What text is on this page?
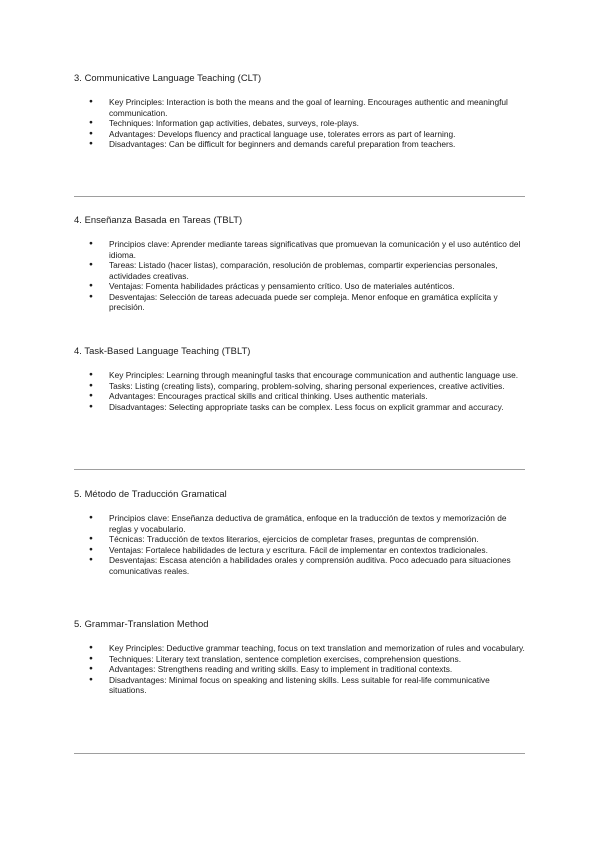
3. Communicative Language Teaching (CLT)
● Key Principles: Interaction is both the means and the goal of learning. Encourages authentic and meaningful communication.
● Techniques: Information gap activities, debates, surveys, role-plays.
● Advantages: Develops fluency and practical language use, tolerates errors as part of learning.
● Disadvantages: Can be difficult for beginners and demands careful preparation from teachers.
4. Enseñanza Basada en Tareas (TBLT)
● Principios clave: Aprender mediante tareas significativas que promuevan la comunicación y el uso auténtico del idioma.
● Tareas: Listado (hacer listas), comparación, resolución de problemas, compartir experiencias personales, actividades creativas.
● Ventajas: Fomenta habilidades prácticas y pensamiento crítico. Uso de materiales auténticos.
● Desventajas: Selección de tareas adecuada puede ser compleja. Menor enfoque en gramática explícita y precisión.
4. Task-Based Language Teaching (TBLT)
● Key Principles: Learning through meaningful tasks that encourage communication and authentic language use.
● Tasks: Listing (creating lists), comparing, problem-solving, sharing personal experiences, creative activities.
● Advantages: Encourages practical skills and critical thinking. Uses authentic materials.
● Disadvantages: Selecting appropriate tasks can be complex. Less focus on explicit grammar and accuracy.
5. Método de Traducción Gramatical
● Principios clave: Enseñanza deductiva de gramática, enfoque en la traducción de textos y memorización de reglas y vocabulario.
● Técnicas: Traducción de textos literarios, ejercicios de completar frases, preguntas de comprensión.
● Ventajas: Fortalece habilidades de lectura y escritura. Fácil de implementar en contextos tradicionales.
● Desventajas: Escasa atención a habilidades orales y comprensión auditiva. Poco adecuado para situaciones comunicativas reales.
5. Grammar-Translation Method
● Key Principles: Deductive grammar teaching, focus on text translation and memorization of rules and vocabulary.
● Techniques: Literary text translation, sentence completion exercises, comprehension questions.
● Advantages: Strengthens reading and writing skills. Easy to implement in traditional contexts.
● Disadvantages: Minimal focus on speaking and listening skills. Less suitable for real-life communicative situations.
